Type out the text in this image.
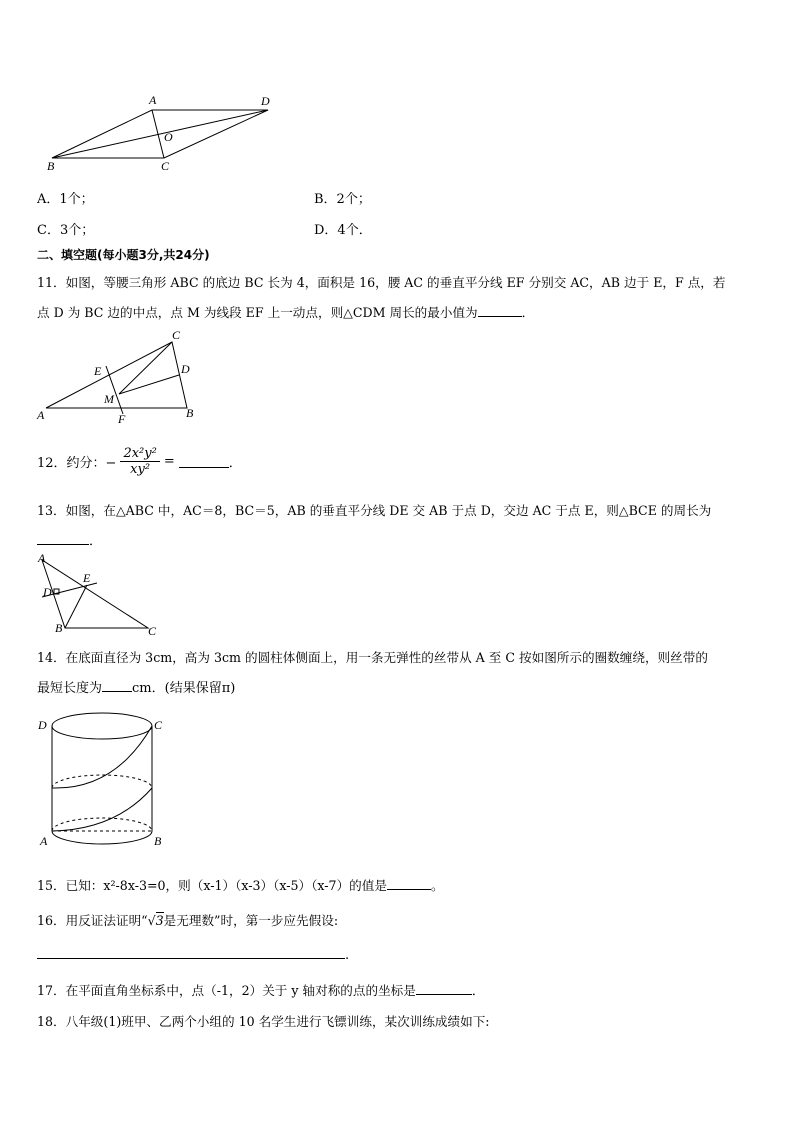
A	D
O
B	C
A．1个；	B．2个；
C．3个；	D．4个．
二、填空题(每小题3分,共24分)
11．如图，等腰三角形 ABC 的底边 BC 长为 4，面积是 16，腰 AC 的垂直平分线 EF 分别交 AC，AB 边于 E，F 点，若
点 D 为 BC 边的中点，点 M 为线段 EF 上一动点，则△CDM 周长的最小值为	．
C
E	D
M
A	F	B
12．约分：− $\frac{\text{2x²y²}}{\text{xy²}}$ =	．
13．如图，在△ABC 中，AC＝8，BC＝5，AB 的垂直平分线 DE 交 AB 于点 D，交边 AC 于点 E，则△BCE 的周长为
．
A
D
E
B	C
14．在底面直径为 3cm，高为 3cm 的圆柱体侧面上，用一条无弹性的丝带从 A 至 C 按如图所示的圈数缠绕，则丝带的
最短长度为 cm．(结果保留π)
D	C
A	B
15．已知：x²-8x-3=0，则（x-1）（x-3）（x-5）（x-7）的值是	。
16．用反证法证明“√3是无理数”时，第一步应先假设:
.
17．在平面直角坐标系中，点（-1，2）关于 y 轴对称的点的坐标是	．
18．八年级(1)班甲、乙两个小组的 10 名学生进行飞镖训练，某次训练成绩如下:
